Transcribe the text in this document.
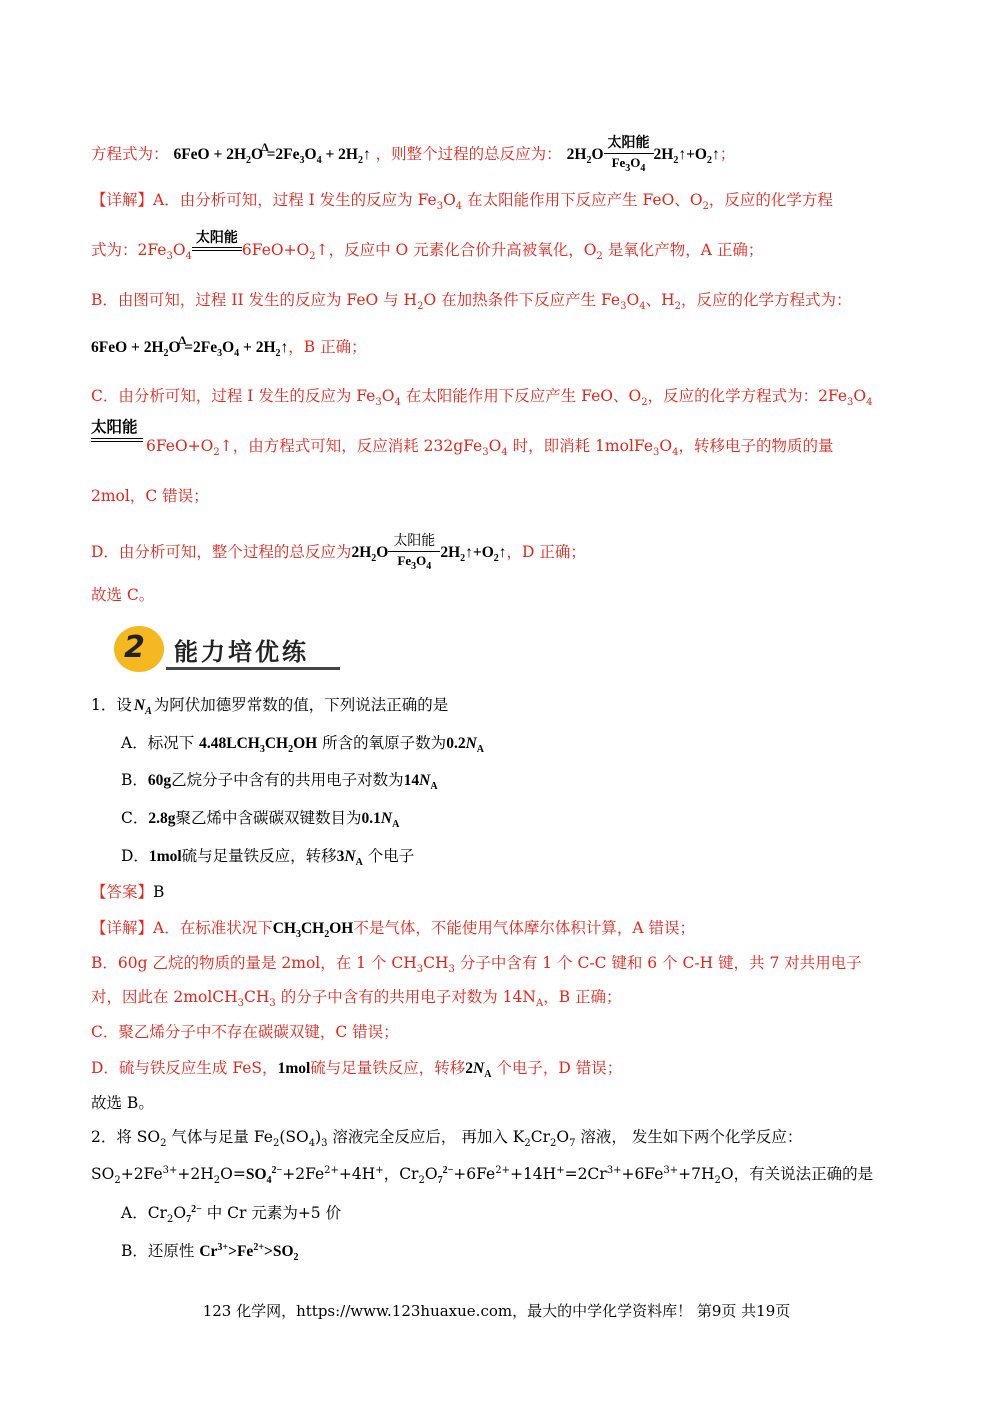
方程式为： $6FeO + 2H_2O^\Delta=2Fe_3O_4$ + $2H_2↑$ ，则整个过程的总反应为： $2H_2O$
太阳能
$Fe_3O_4$
$2H_2↑+O_2↑$；
【详解】A．由分析可知，过程 I 发生的反应为 $Fe_3O_4$ 在太阳能作用下反应产生 FeO、$O_2$，反应的化学方程
式为：$2Fe_3O_4$
太阳能
$6FeO+O_2↑$，反应中 O 元素化合价升高被氧化，$O_2$ 是氧化产物，A 正确；
B．由图可知，过程 II 发生的反应为 FeO 与 $H_2O$ 在加热条件下反应产生 $Fe_3O_4$、$H_2$，反应的化学方程式为：
$6FeO + 2H_2O^\Delta=2Fe_3O_4$ + $2H_2↑$，B 正确；
C．由分析可知，过程 I 发生的反应为 $Fe_3O_4$ 在太阳能作用下反应产生 FeO、$O_2$，反应的化学方程式为：$2Fe_3O_4$
太阳能
$6FeO+O_2↑$，由方程式可知，反应消耗 $232gFe_3O_4$ 时，即消耗 $1molFe_3O_4$，转移电子的物质的量
2mol，C 错误；
D．由分析可知，整个过程的总反应为$2H_2O$
太阳能
$Fe_3O_4$
$2H_2↑+O_2↑$，D 正确；
故选 C。
2 能力培优练
1．设 $N_A$ 为阿伏加德罗常数的值，下列说法正确的是
A．标况下 $4.48LCH_3CH_2OH$ 所含的氧原子数为$0.2N_A$
B．60g乙烷分子中含有的共用电子对数为$14N_A$
C．2.8g聚乙烯中含碳碳双键数目为$0.1N_A$
D．1mol硫与足量铁反应，转移$3N_A$ 个电子
【答案】B
【详解】A．在标准状况下$CH_3CH_2OH$不是气体，不能使用气体摩尔体积计算，A 错误；
B．60g 乙烷的物质的量是 2mol，在 1 个 $CH_3CH_3$ 分子中含有 1 个 C-C 键和 6 个 C-H 键，共 7 对共用电子
对，因此在 $2molCH_3CH_3$ 的分子中含有的共用电子对数为 $14N_A$，B 正确；
C．聚乙烯分子中不存在碳碳双键，C 错误；
D．硫与铁反应生成 FeS，1mol硫与足量铁反应，转移$2N_A$ 个电子，D 错误；
故选 B。
2．将 $SO_2$ 气体与足量 $Fe_2(SO_4)_3$ 溶液完全反应后， 再加入 $K_2Cr_2O_7$ 溶液， 发生如下两个化学反应：
$SO_2+2Fe^{3+}+2H_2O=SO_4^{2-}+2Fe^{2+}+4H^+$，$Cr_2O_7^{2-}+6Fe^{2+}+14H^+=2Cr^{3+}+6Fe^{3+}+7H_2O$，有关说法正确的是
A．$Cr_2O_7^{2-}$ 中 Cr 元素为+5 价
B．还原性 $Cr^{3+}>Fe^{2+}>SO_2$
123 化学网，https://www.123huaxue.com，最大的中学化学资料库！ 第9页 共19页
